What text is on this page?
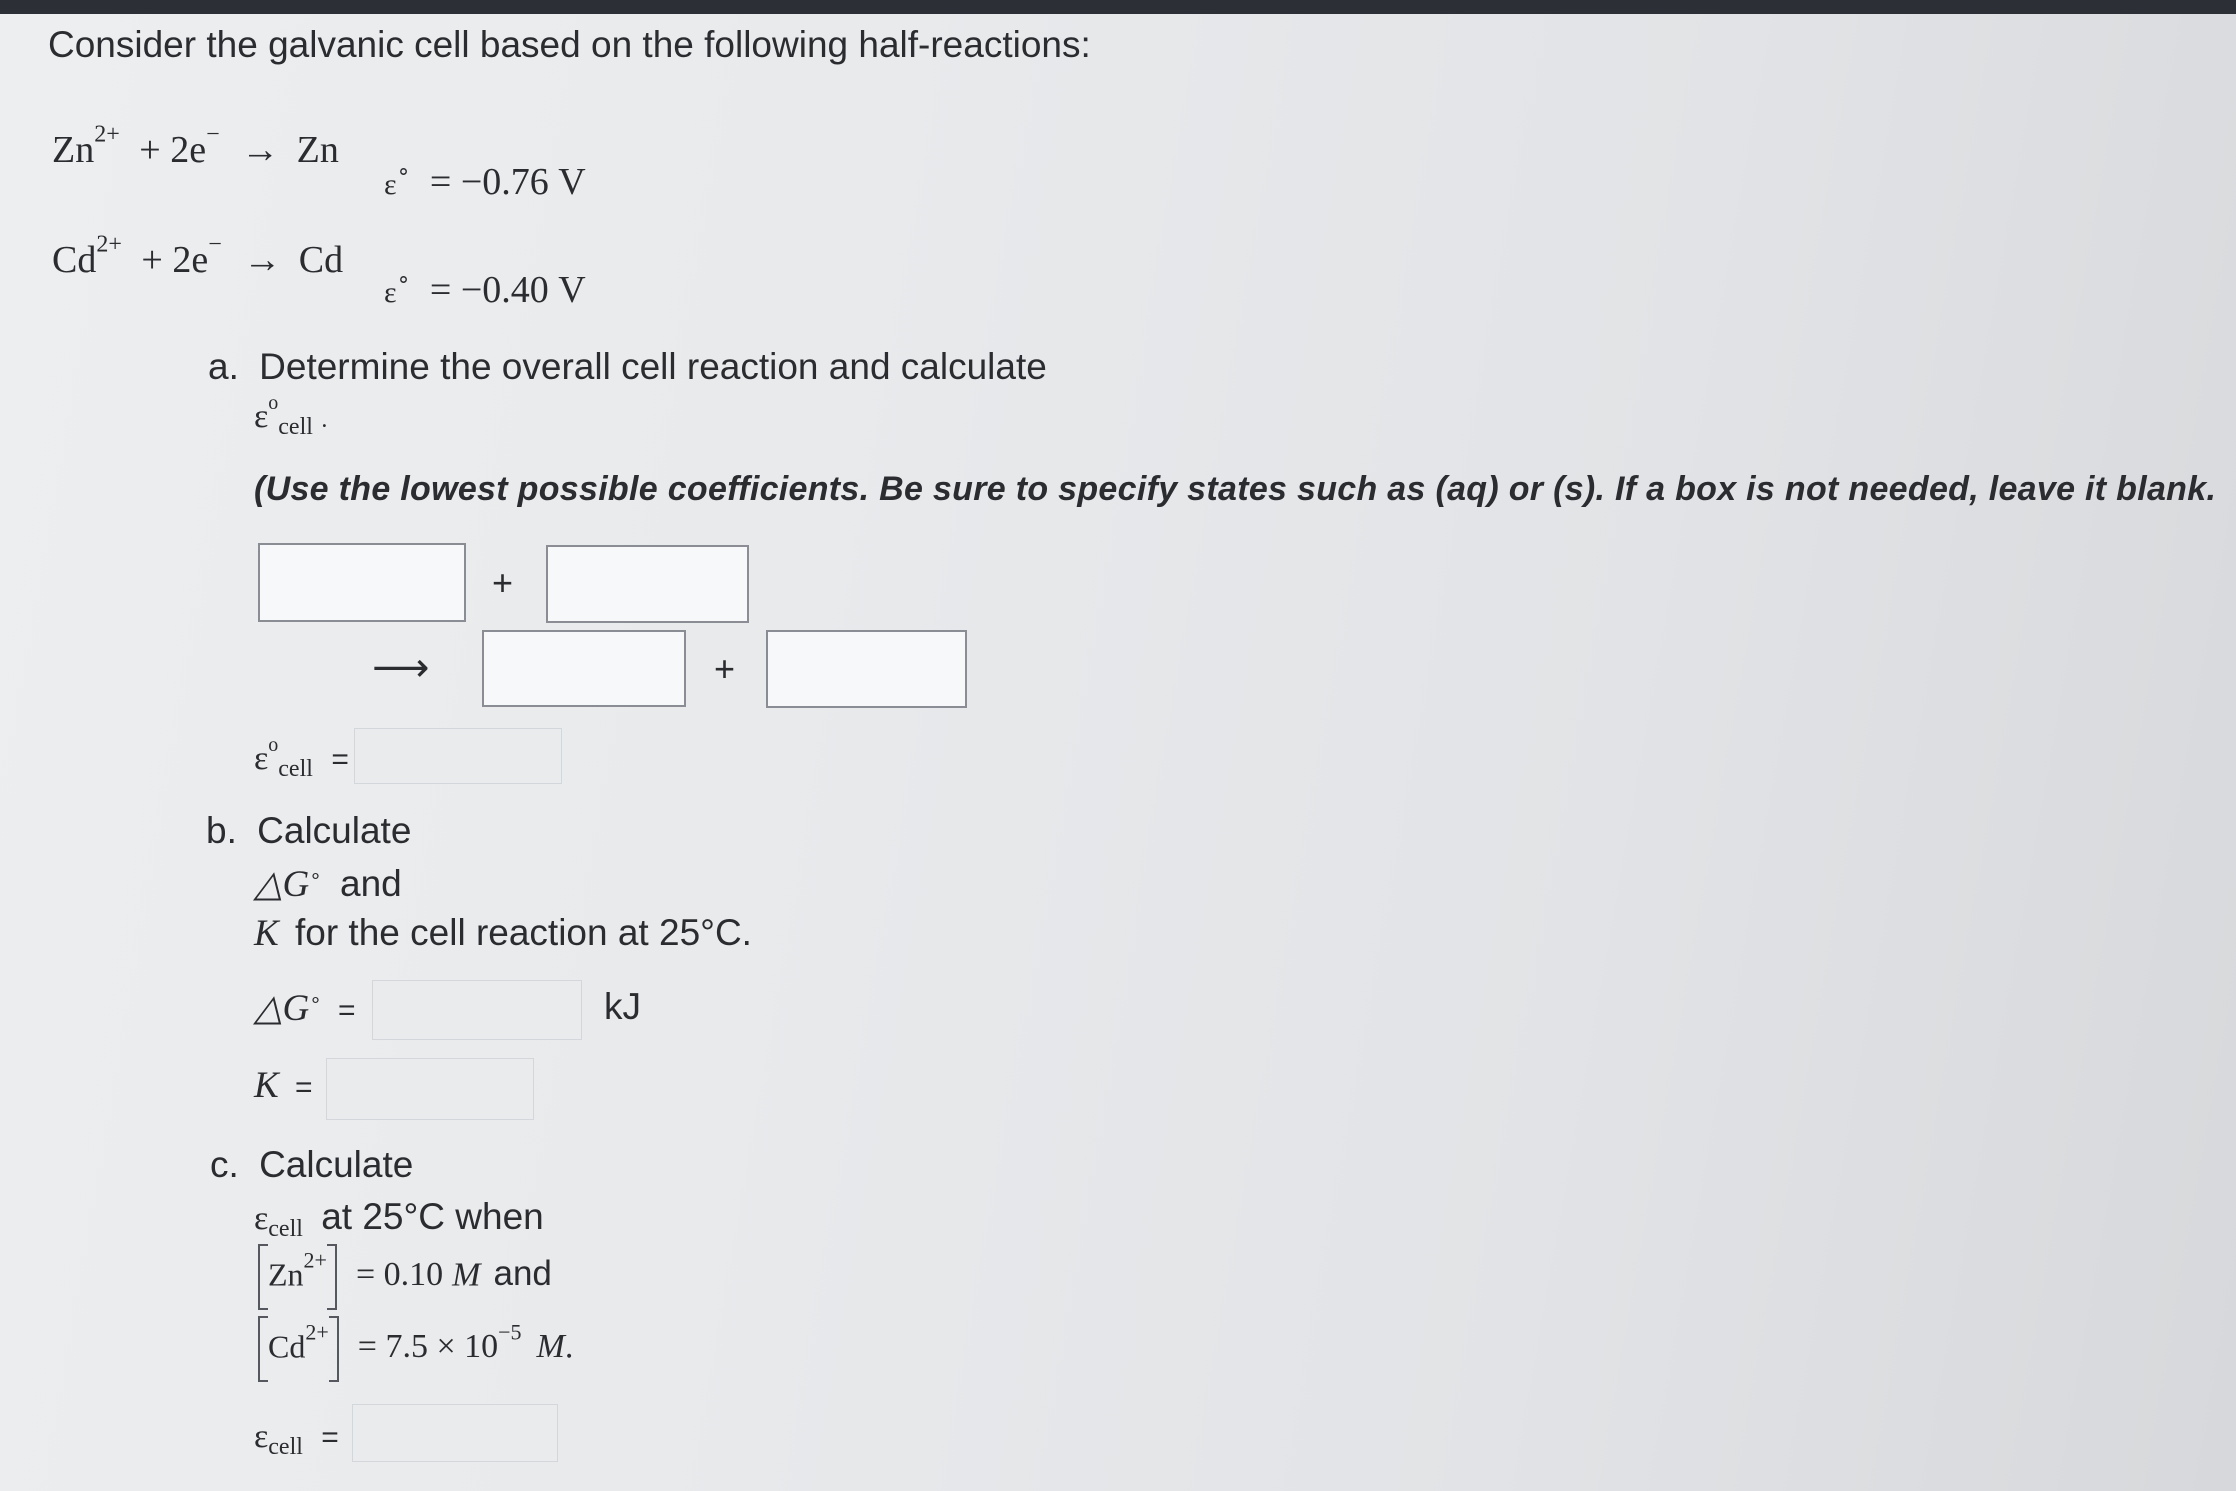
Consider the galvanic cell based on the following half-reactions:
$Zn^{2+} + 2e^- \to Zn$
ε∘ = −0.76 V
$Cd^{2+} + 2e^- \to Cd$
ε∘ = −0.40 V
a. Determine the overall cell reaction and calculate
$\varepsilon^o_{cell}$ .
(Use the lowest possible coefficients. Be sure to specify states such as (aq) or (s). If a box is not needed, leave it blank.
+
⟶	+
$\varepsilon^o_{cell}$ =
b. Calculate
△G∘ and
K for the cell reaction at 25°C.
△G∘ =	kJ
K =
c. Calculate
$\varepsilon_{cell}$ at 25°C when
$Zn^{2+} = 0.10$ M and
$Cd^{2+} = 7.5 \times 10^{-5}$ M.
$\varepsilon_{cell}$ =
